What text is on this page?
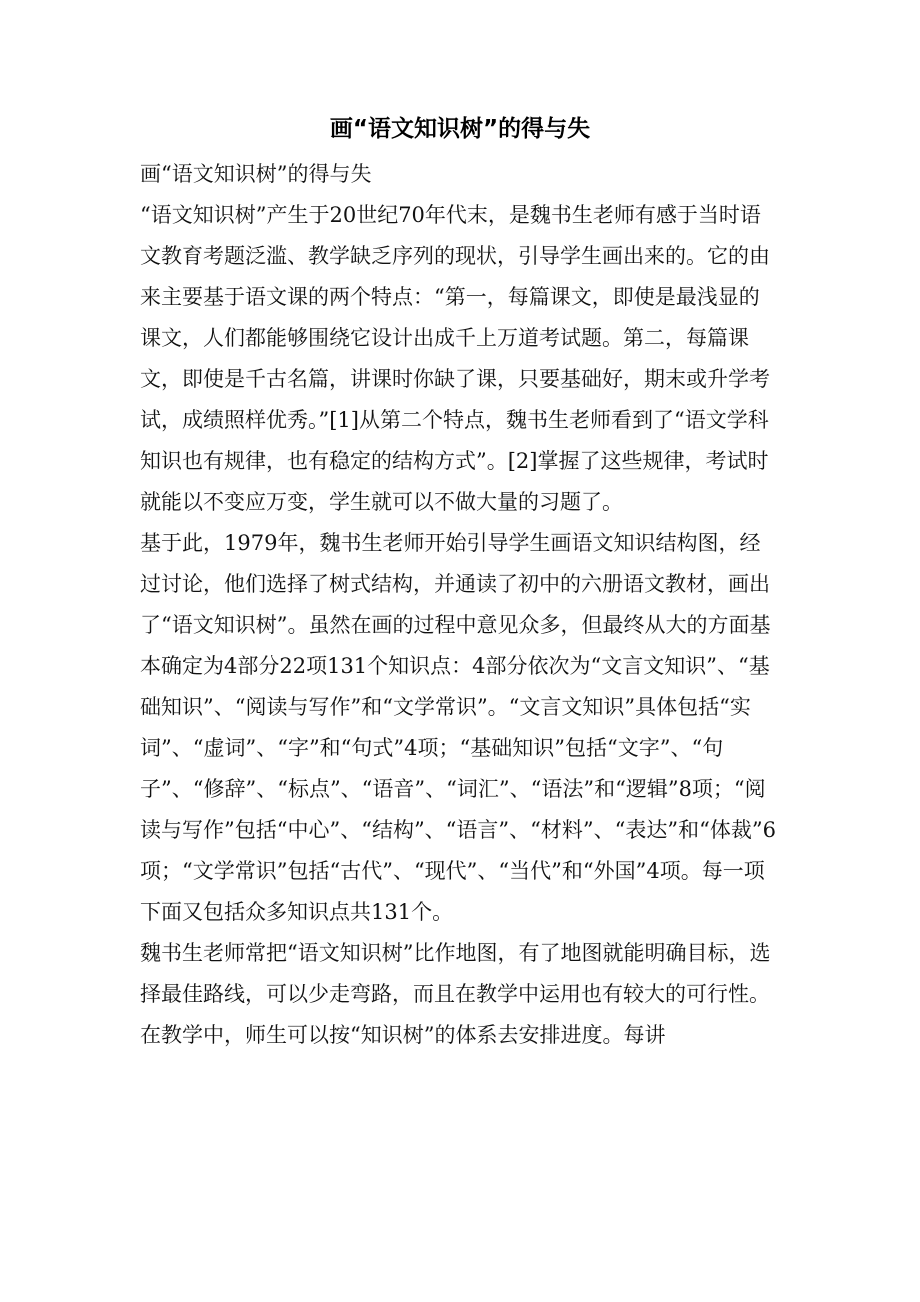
画“语文知识树”的得与失

画“语文知识树”的得与失

“语文知识树”产生于20世纪70年代末，是魏书生老师有感于当时语文教育考题泛滥、教学缺乏序列的现状，引导学生画出来的。它的由来主要基于语文课的两个特点：“第一，每篇课文，即使是最浅显的课文，人们都能够围绕它设计出成千上万道考试题。第二，每篇课文，即使是千古名篇，讲课时你缺了课，只要基础好，期末或升学考试，成绩照样优秀。”[1]从第二个特点，魏书生老师看到了“语文学科知识也有规律，也有稳定的结构方式”。[2]掌握了这些规律，考试时就能以不变应万变，学生就可以不做大量的习题了。

基于此，1979年，魏书生老师开始引导学生画语文知识结构图，经过讨论，他们选择了树式结构，并通读了初中的六册语文教材，画出了“语文知识树”。虽然在画的过程中意见众多，但最终从大的方面基本确定为4部分22项131个知识点：4部分依次为“文言文知识”、“基础知识”、“阅读与写作”和“文学常识”。“文言文知识”具体包括“实词”、“虚词”、“字”和“句式”4项；“基础知识”包括“文字”、“句子”、“修辞”、“标点”、“语音”、“词汇”、“语法”和“逻辑”8项；“阅读与写作”包括“中心”、“结构”、“语言”、“材料”、“表达”和“体裁”6项；“文学常识”包括“古代”、“现代”、“当代”和“外国”4项。每一项下面又包括众多知识点共131个。

魏书生老师常把“语文知识树”比作地图，有了地图就能明确目标，选择最佳路线，可以少走弯路，而且在教学中运用也有较大的可行性。在教学中，师生可以按“知识树”的体系去安排进度。每讲
